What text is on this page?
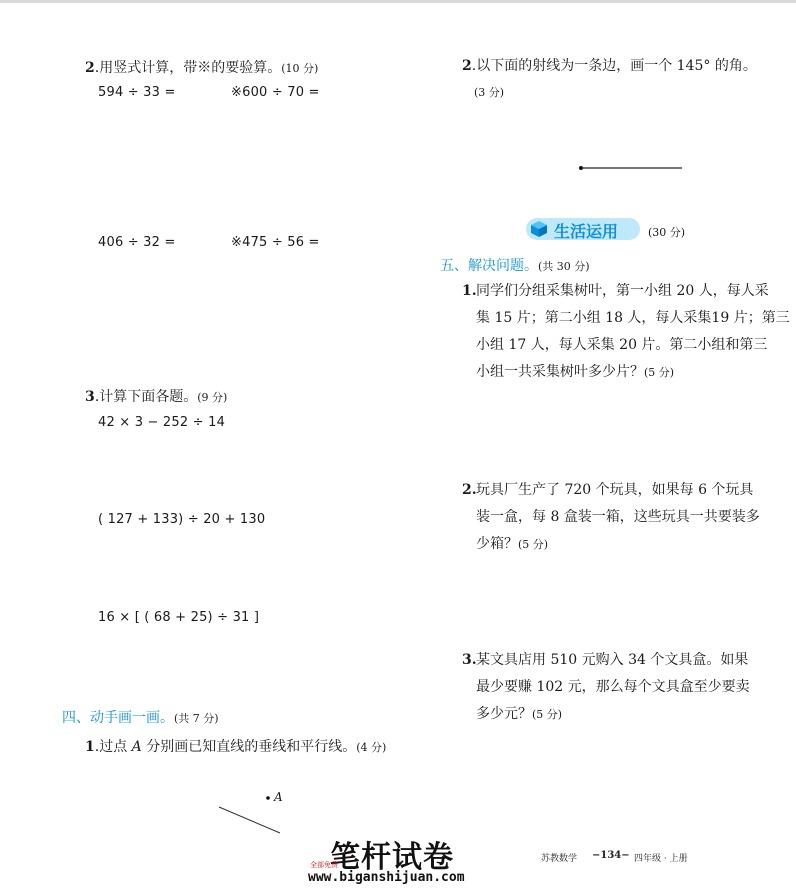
2.用竖式计算，带※的要验算。(10 分)
594 ÷ 33 =	※600 ÷ 70 =
406 ÷ 32 =	※475 ÷ 56 =
3.计算下面各题。(9 分)
42 × 3 − 252 ÷ 14
( 127 + 133) ÷ 20 + 130
16 × [ ( 68 + 25) ÷ 31 ]
四、动手画一画。(共 7 分)
1.过点 A 分别画已知直线的垂线和平行线。(4 分)
A
2.以下面的射线为一条边，画一个 145° 的角。
(3 分)
生活运用	(30 分)
五、解决问题。(共 30 分)
1. 同学们分组采集树叶，第一小组 20 人，每人采
集 15 片；第二小组 18 人，每人采集19 片；第三
小组 17 人，每人采集 20 片。第二小组和第三
小组一共采集树叶多少片？(5 分)
2. 玩具厂生产了 720 个玩具，如果每 6 个玩具
装一盒，每 8 盒装一箱，这些玩具一共要装多
少箱？(5 分)
3. 某文具店用 510 元购入 34 个文具盒。如果
最少要赚 102 元，那么每个文具盒至少要卖
多少元？(5 分)
笔杆试卷
全部免费
www.biganshijuan.com
苏教数学 −134− 四年级 · 上册
